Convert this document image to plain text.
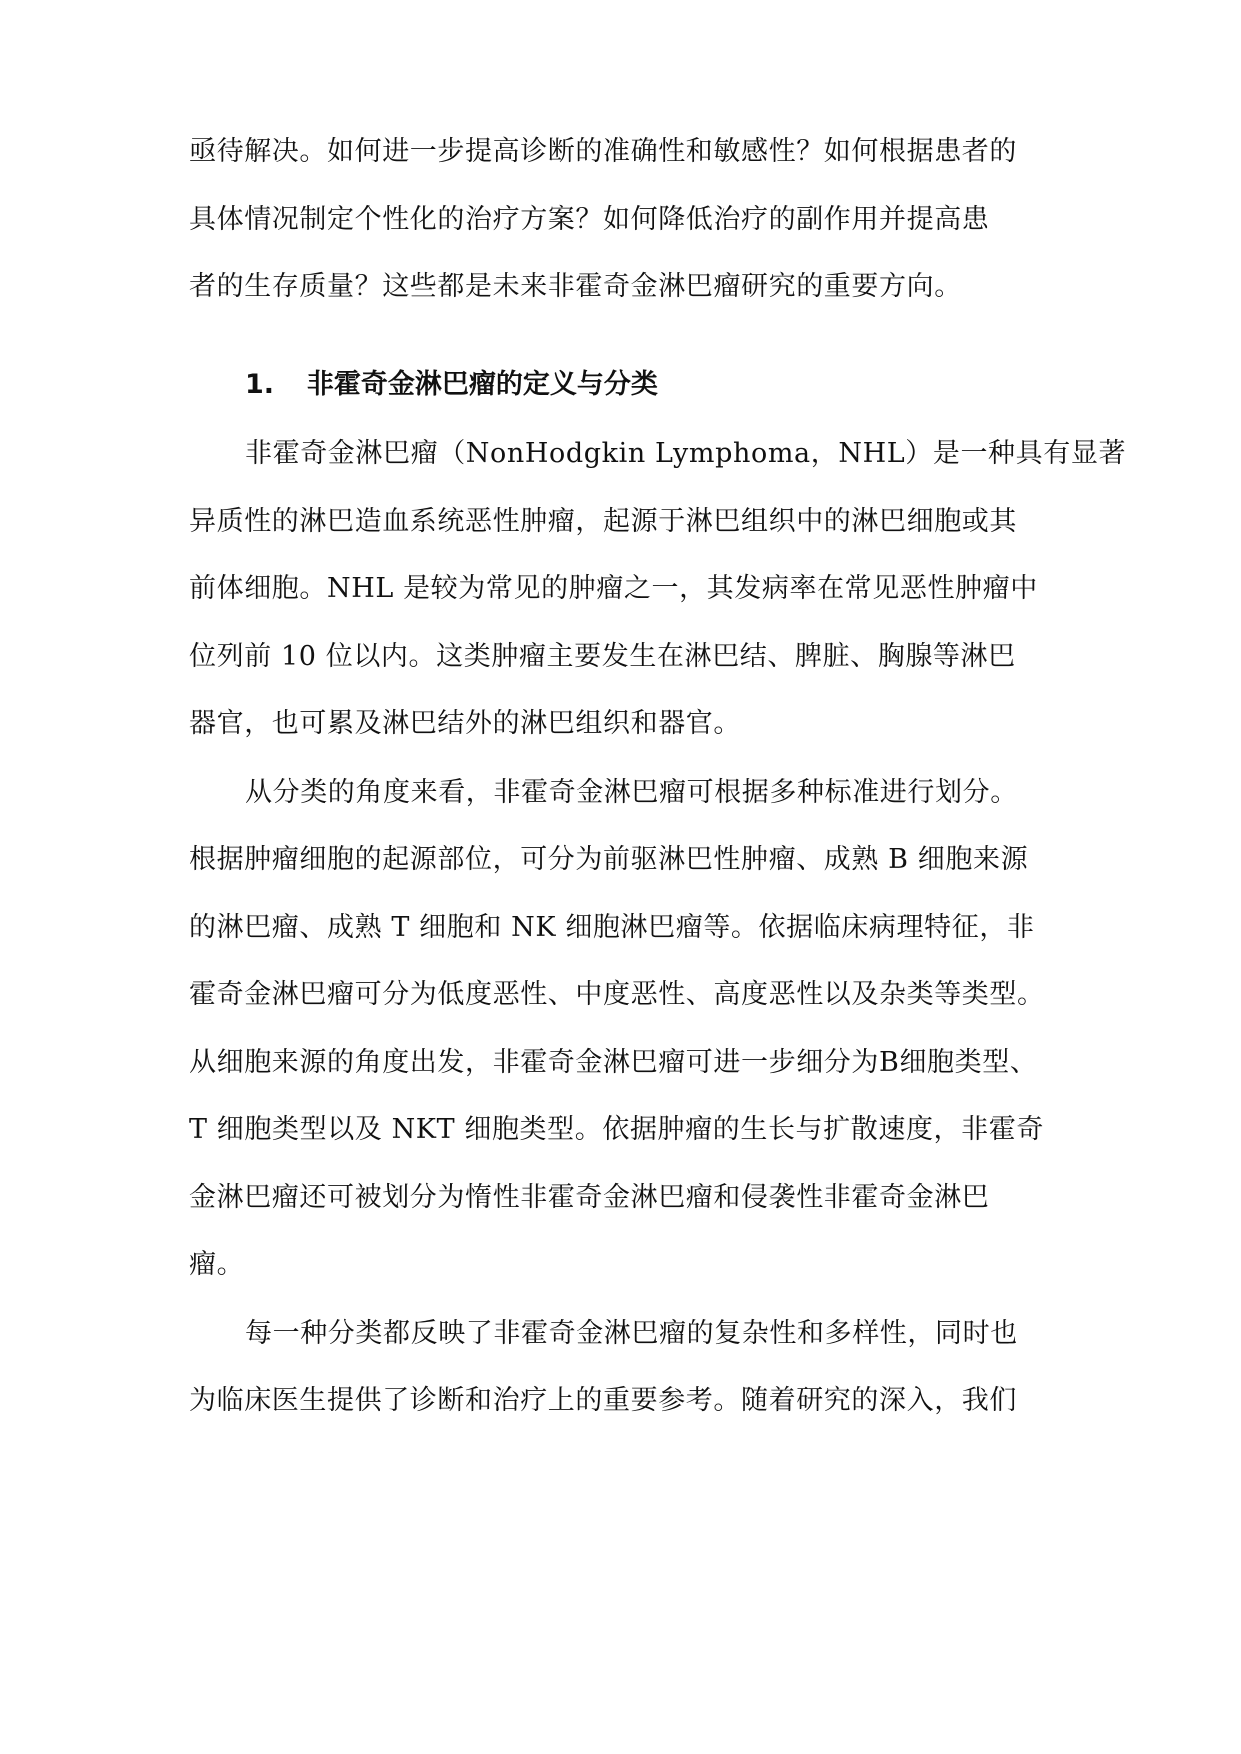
亟待解决。如何进一步提高诊断的准确性和敏感性？如何根据患者的
具体情况制定个性化的治疗方案？如何降低治疗的副作用并提高患
者的生存质量？这些都是未来非霍奇金淋巴瘤研究的重要方向。
1. 非霍奇金淋巴瘤的定义与分类
非霍奇金淋巴瘤（NonHodgkin Lymphoma，NHL）是一种具有显著
异质性的淋巴造血系统恶性肿瘤，起源于淋巴组织中的淋巴细胞或其
前体细胞。NHL 是较为常见的肿瘤之一，其发病率在常见恶性肿瘤中
位列前 10 位以内。这类肿瘤主要发生在淋巴结、脾脏、胸腺等淋巴
器官，也可累及淋巴结外的淋巴组织和器官。
从分类的角度来看，非霍奇金淋巴瘤可根据多种标准进行划分。
根据肿瘤细胞的起源部位，可分为前驱淋巴性肿瘤、成熟 B 细胞来源
的淋巴瘤、成熟 T 细胞和 NK 细胞淋巴瘤等。依据临床病理特征，非
霍奇金淋巴瘤可分为低度恶性、中度恶性、高度恶性以及杂类等类型。
从细胞来源的角度出发，非霍奇金淋巴瘤可进一步细分为B细胞类型、
T 细胞类型以及 NKT 细胞类型。依据肿瘤的生长与扩散速度，非霍奇
金淋巴瘤还可被划分为惰性非霍奇金淋巴瘤和侵袭性非霍奇金淋巴
瘤。
每一种分类都反映了非霍奇金淋巴瘤的复杂性和多样性，同时也
为临床医生提供了诊断和治疗上的重要参考。随着研究的深入，我们
